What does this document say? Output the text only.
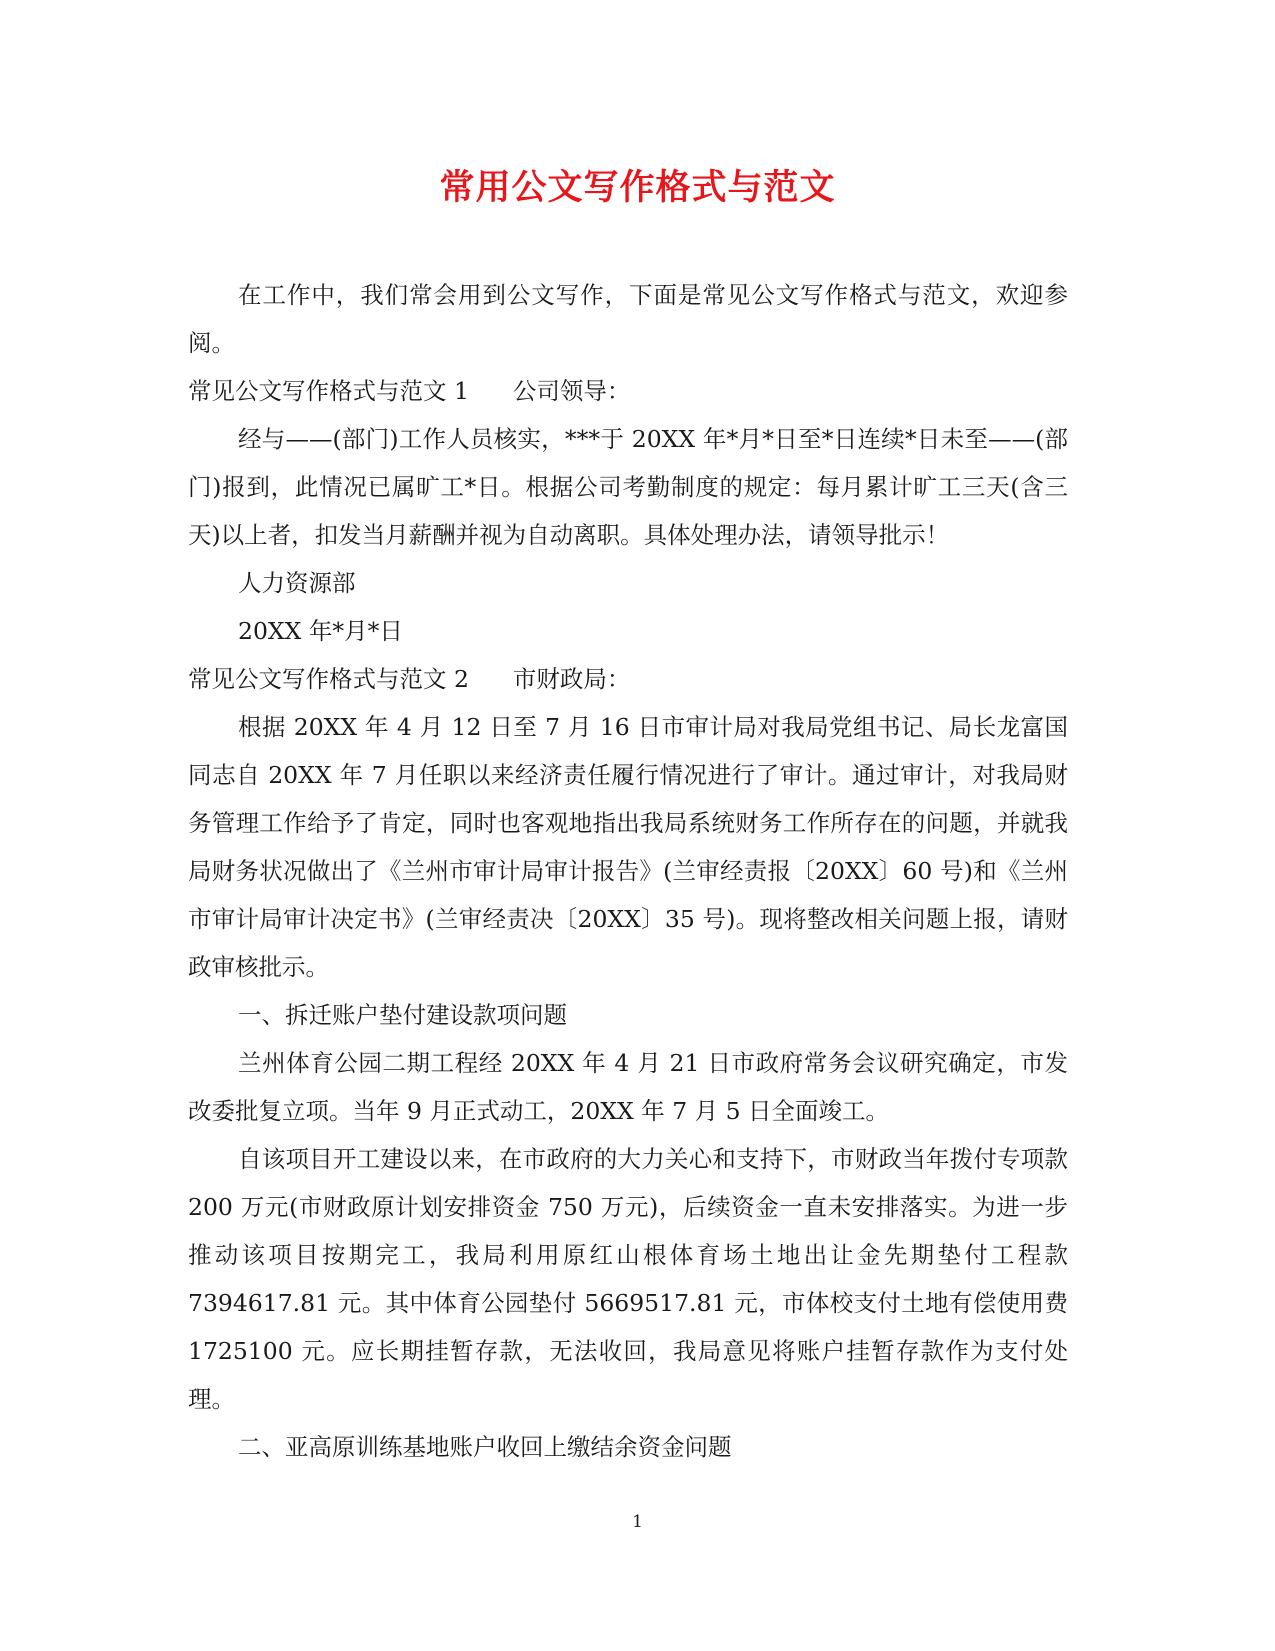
常用公文写作格式与范文

在工作中，我们常会用到公文写作，下面是常见公文写作格式与范文，欢迎参阅。

常见公文写作格式与范文 1 公司领导：

经与——(部门)工作人员核实，***于 20XX 年*月*日至*日连续*日未至——(部门)报到，此情况已属旷工*日。根据公司考勤制度的规定：每月累计旷工三天(含三天)以上者，扣发当月薪酬并视为自动离职。具体处理办法，请领导批示！

人力资源部

20XX 年*月*日

常见公文写作格式与范文 2 市财政局：

根据 20XX 年 4 月 12 日至 7 月 16 日市审计局对我局党组书记、局长龙富国同志自 20XX 年 7 月任职以来经济责任履行情况进行了审计。通过审计，对我局财务管理工作给予了肯定，同时也客观地指出我局系统财务工作所存在的问题，并就我局财务状况做出了《兰州市审计局审计报告》(兰审经责报〔20XX〕60 号)和《兰州市审计局审计决定书》(兰审经责决〔20XX〕35 号)。现将整改相关问题上报，请财政审核批示。

一、拆迁账户垫付建设款项问题

兰州体育公园二期工程经 20XX 年 4 月 21 日市政府常务会议研究确定，市发改委批复立项。当年 9 月正式动工，20XX 年 7 月 5 日全面竣工。

自该项目开工建设以来，在市政府的大力关心和支持下，市财政当年拨付专项款 200 万元(市财政原计划安排资金 750 万元)，后续资金一直未安排落实。为进一步推动该项目按期完工，我局利用原红山根体育场土地出让金先期垫付工程款 7394617.81 元。其中体育公园垫付 5669517.81 元，市体校支付土地有偿使用费 1725100 元。应长期挂暂存款，无法收回，我局意见将账户挂暂存款作为支付处理。

二、亚高原训练基地账户收回上缴结余资金问题

1
